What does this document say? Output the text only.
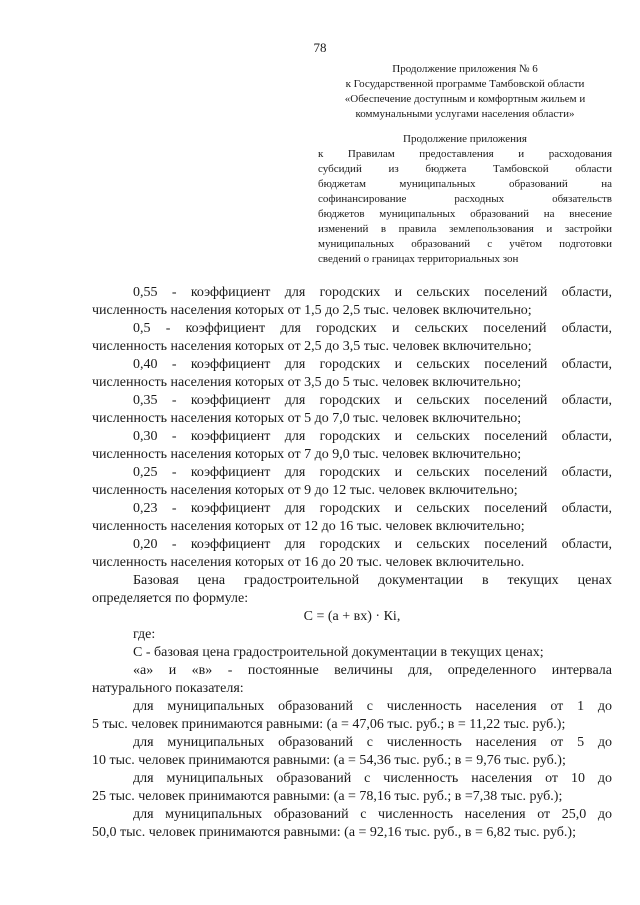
78
Продолжение приложения № 6
к Государственной программе Тамбовской области
«Обеспечение доступным и комфортным жильем и
коммунальными услугами населения области»
Продолжение приложения
к Правилам предоставления и расходования
субсидий из бюджета Тамбовской области
бюджетам муниципальных образований на
софинансирование расходных обязательств
бюджетов муниципальных образований на внесение
изменений в правила землепользования и застройки
муниципальных образований с учётом подготовки
сведений о границах территориальных зон
0,55 - коэффициент для городских и сельских поселений области,
численность населения которых от 1,5 до 2,5 тыс. человек включительно;
0,5 - коэффициент для городских и сельских поселений области,
численность населения которых от 2,5 до 3,5 тыс. человек включительно;
0,40 - коэффициент для городских и сельских поселений области,
численность населения которых от 3,5 до 5 тыс. человек включительно;
0,35 - коэффициент для городских и сельских поселений области,
численность населения которых от 5 до 7,0 тыс. человек включительно;
0,30 - коэффициент для городских и сельских поселений области,
численность населения которых от 7 до 9,0 тыс. человек включительно;
0,25 - коэффициент для городских и сельских поселений области,
численность населения которых от 9 до 12 тыс. человек включительно;
0,23 - коэффициент для городских и сельских поселений области,
численность населения которых от 12 до 16 тыс. человек включительно;
0,20 - коэффициент для городских и сельских поселений области,
численность населения которых от 16 до 20 тыс. человек включительно.
Базовая цена градостроительной документации в текущих ценах
определяется по формуле:
С = (а + вх) · Кi,
где:
С - базовая цена градостроительной документации в текущих ценах;
«а» и «в» - постоянные величины для, определенного интервала
натурального показателя:
для муниципальных образований с численность населения от 1 до
5 тыс. человек принимаются равными: (а = 47,06 тыс. руб.; в = 11,22 тыс. руб.);
для муниципальных образований с численность населения от 5 до
10 тыс. человек принимаются равными: (а = 54,36 тыс. руб.; в = 9,76 тыс. руб.);
для муниципальных образований с численность населения от 10 до
25 тыс. человек принимаются равными: (а = 78,16 тыс. руб.; в =7,38 тыс. руб.);
для муниципальных образований с численность населения от 25,0 до
50,0 тыс. человек принимаются равными: (а = 92,16 тыс. руб., в = 6,82 тыс. руб.);
